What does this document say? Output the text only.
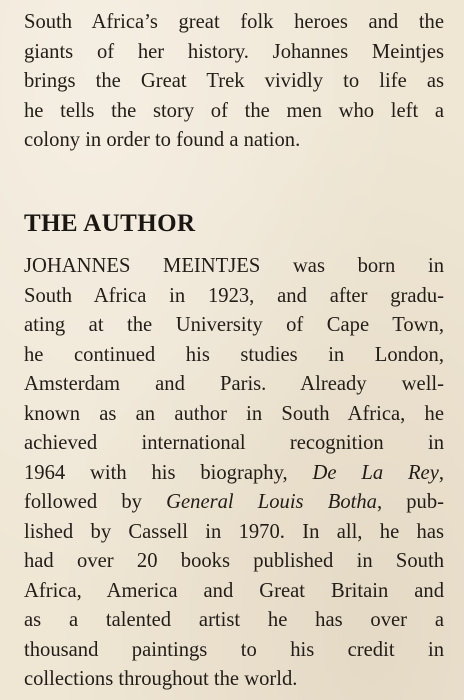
South Africa’s great folk heroes and the
giants of her history. Johannes Meintjes
brings the Great Trek vividly to life as
he tells the story of the men who left a
colony in order to found a nation.
THE AUTHOR
JOHANNES MEINTJES was born in
South Africa in 1923, and after gradu-
ating at the University of Cape Town,
he continued his studies in London,
Amsterdam and Paris. Already well-
known as an author in South Africa, he
achieved international recognition in
1964 with his biography, De La Rey,
followed by General Louis Botha, pub-
lished by Cassell in 1970. In all, he has
had over 20 books published in South
Africa, America and Great Britain and
as a talented artist he has over a
thousand paintings to his credit in
collections throughout the world.
